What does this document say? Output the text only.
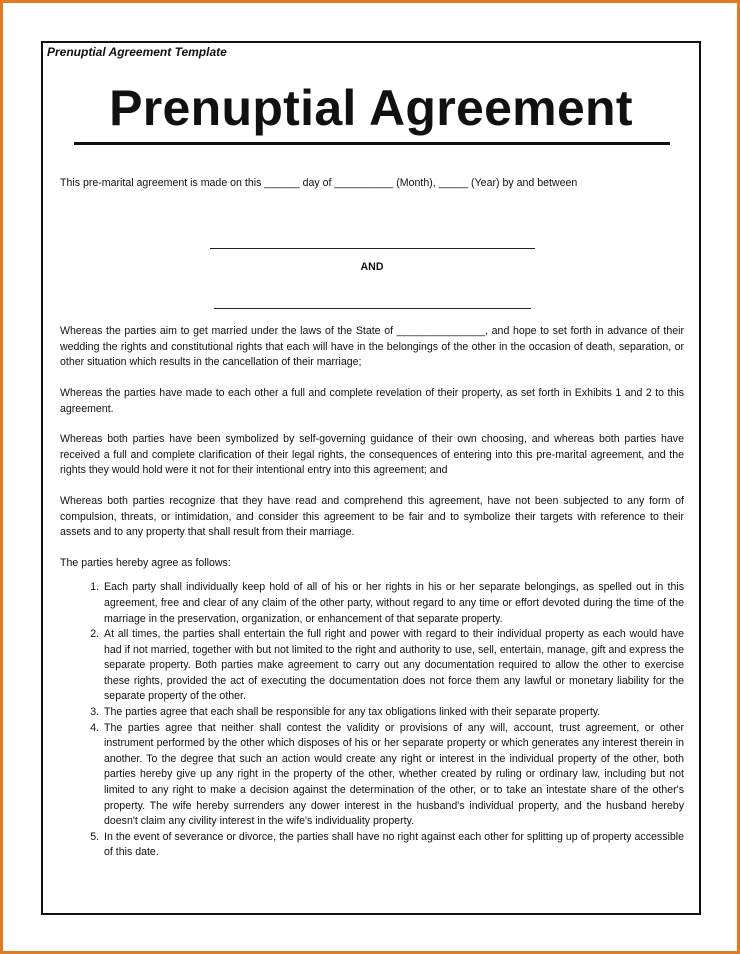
Prenuptial Agreement Template
Prenuptial Agreement

This pre-marital agreement is made on this ______ day of __________ (Month), _____ (Year) by and between

AND

Whereas the parties aim to get married under the laws of the State of _______________, and hope to set forth in advance of their wedding the rights and constitutional rights that each will have in the belongings of the other in the occasion of death, separation, or other situation which results in the cancellation of their marriage;

Whereas the parties have made to each other a full and complete revelation of their property, as set forth in Exhibits 1 and 2 to this agreement.

Whereas both parties have been symbolized by self-governing guidance of their own choosing, and whereas both parties have received a full and complete clarification of their legal rights, the consequences of entering into this pre-marital agreement, and the rights they would hold were it not for their intentional entry into this agreement; and

Whereas both parties recognize that they have read and comprehend this agreement, have not been subjected to any form of compulsion, threats, or intimidation, and consider this agreement to be fair and to symbolize their targets with reference to their assets and to any property that shall result from their marriage.

The parties hereby agree as follows:

1. Each party shall individually keep hold of all of his or her rights in his or her separate belongings, as spelled out in this agreement, free and clear of any claim of the other party, without regard to any time or effort devoted during the time of the marriage in the preservation, organization, or enhancement of that separate property.
2. At all times, the parties shall entertain the full right and power with regard to their individual property as each would have had if not married, together with but not limited to the right and authority to use, sell, entertain, manage, gift and express the separate property. Both parties make agreement to carry out any documentation required to allow the other to exercise these rights, provided the act of executing the documentation does not force them any lawful or monetary liability for the separate property of the other.
3. The parties agree that each shall be responsible for any tax obligations linked with their separate property.
4. The parties agree that neither shall contest the validity or provisions of any will, account, trust agreement, or other instrument performed by the other which disposes of his or her separate property or which generates any interest therein in another. To the degree that such an action would create any right or interest in the individual property of the other, both parties hereby give up any right in the property of the other, whether created by ruling or ordinary law, including but not limited to any right to make a decision against the determination of the other, or to take an intestate share of the other's property. The wife hereby surrenders any dower interest in the husband's individual property, and the husband hereby doesn't claim any civility interest in the wife's individuality property.
5. In the event of severance or divorce, the parties shall have no right against each other for splitting up of property accessible of this date.
